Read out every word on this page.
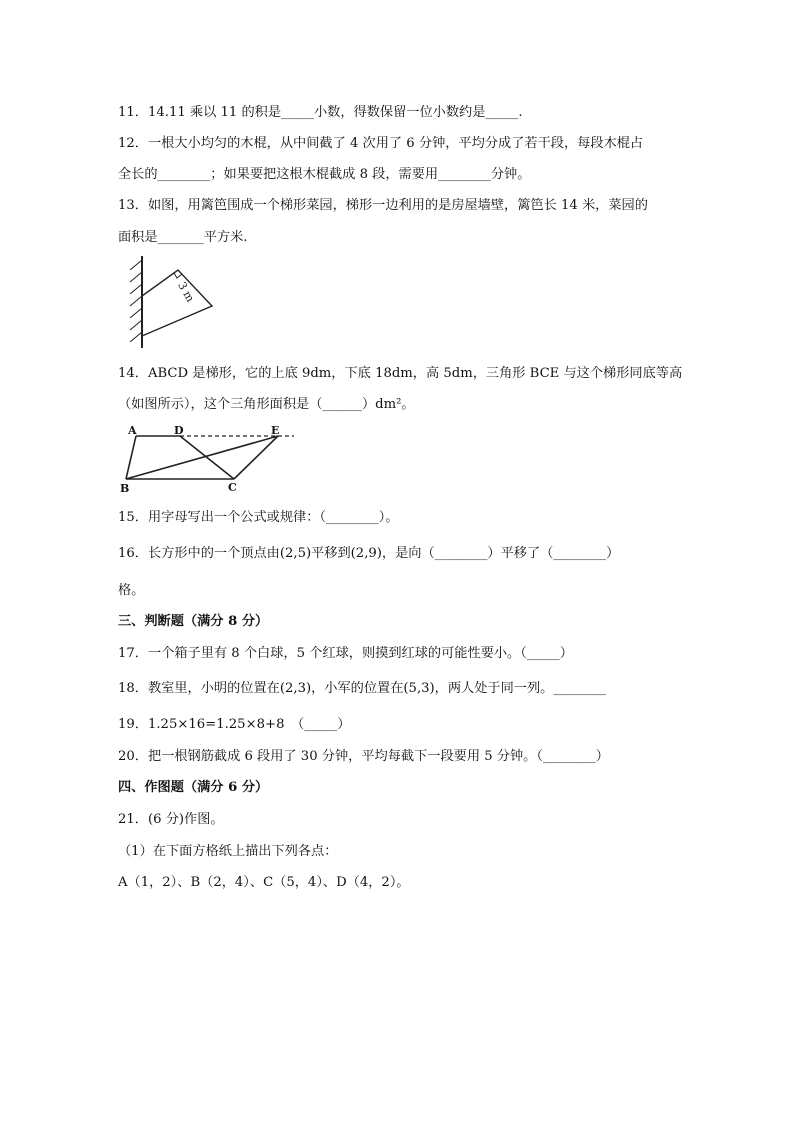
11．14.11 乘以 11 的积是_____小数，得数保留一位小数约是_____.
12．一根大小均匀的木棍，从中间截了 4 次用了 6 分钟，平均分成了若干段，每段木棍占
全长的________；如果要把这根木棍截成 8 段，需要用________分钟。
13．如图，用篱笆围成一个梯形菜园，梯形一边利用的是房屋墙壁，篱笆长 14 米，菜园的
面积是_______平方米.
3 m
14．ABCD 是梯形，它的上底 9dm，下底 18dm，高 5dm，三角形 BCE 与这个梯形同底等高
（如图所示），这个三角形面积是（______）dm²。
A	D	E
B	C
15．用字母写出一个公式或规律：（________）。
16．长方形中的一个顶点由(2,5)平移到(2,9)，是向（________）平移了（________）
格。
三、判断题（满分 8 分）
17．一个箱子里有 8 个白球，5 个红球，则摸到红球的可能性要小。（_____）
18．教室里，小明的位置在(2,3)，小军的位置在(5,3)，两人处于同一列。________
19．1.25×16=1.25×8+8　（_____）
20．把一根钢筋截成 6 段用了 30 分钟，平均每截下一段要用 5 分钟。（________）
四、作图题（满分 6 分）
21．(6 分)作图。
（1）在下面方格纸上描出下列各点：
A（1，2）、B（2，4）、C（5，4）、D（4，2）。
